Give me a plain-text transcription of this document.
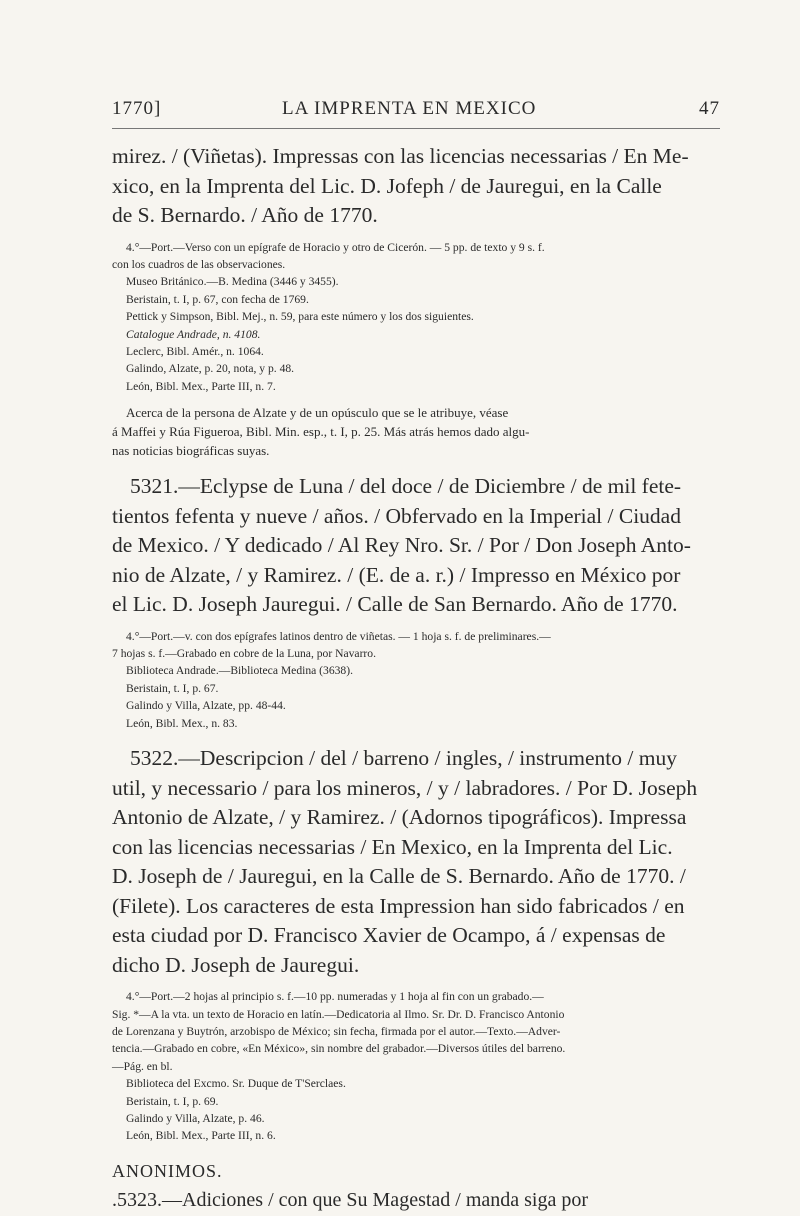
1770]	LA IMPRENTA EN MEXICO	47
mirez. / (Viñetas). Impressas con las licencias necessarias / En Me-
xico, en la Imprenta del Lic. D. Jofeph / de Jauregui, en la Calle
de S. Bernardo. / Año de 1770.
4.°—Port.—Verso con un epígrafe de Horacio y otro de Cicerón. — 5 pp. de texto y 9 s. f.
con los cuadros de las observaciones.
Museo Británico.—B. Medina (3446 y 3455).
Beristain, t. I, p. 67, con fecha de 1769.
Pettick y Simpson, Bibl. Mej., n. 59, para este número y los dos siguientes.
Catalogue Andrade, n. 4108.
Leclerc, Bibl. Amér., n. 1064.
Galindo, Alzate, p. 20, nota, y p. 48.
León, Bibl. Mex., Parte III, n. 7.
Acerca de la persona de Alzate y de un opúsculo que se le atribuye, véase
á Maffei y Rúa Figueroa, Bibl. Min. esp., t. I, p. 25. Más atrás hemos dado algu-
nas noticias biográficas suyas.
5321.—Eclypse de Luna / del doce / de Diciembre / de mil fete-
tientos fefenta y nueve / años. / Obfervado en la Imperial / Ciudad
de Mexico. / Y dedicado / Al Rey Nro. Sr. / Por / Don Joseph Anto-
nio de Alzate, / y Ramirez. / (E. de a. r.) / Impresso en México por
el Lic. D. Joseph Jauregui. / Calle de San Bernardo. Año de 1770.
4.°—Port.—v. con dos epígrafes latinos dentro de viñetas. — 1 hoja s. f. de preliminares.—
7 hojas s. f.—Grabado en cobre de la Luna, por Navarro.
Biblioteca Andrade.—Biblioteca Medina (3638).
Beristain, t. I, p. 67.
Galindo y Villa, Alzate, pp. 48-44.
León, Bibl. Mex., n. 83.
5322.—Descripcion / del / barreno / ingles, / instrumento / muy
util, y necessario / para los mineros, / y / labradores. / Por D. Joseph
Antonio de Alzate, / y Ramirez. / (Adornos tipográficos). Impressa
con las licencias necessarias / En Mexico, en la Imprenta del Lic.
D. Joseph de / Jauregui, en la Calle de S. Bernardo. Año de 1770. /
(Filete). Los caracteres de esta Impression han sido fabricados / en
esta ciudad por D. Francisco Xavier de Ocampo, á / expensas de
dicho D. Joseph de Jauregui.
4.°—Port.—2 hojas al principio s. f.—10 pp. numeradas y 1 hoja al fin con un grabado.—
Sig. *—A la vta. un texto de Horacio en latín.—Dedicatoria al Ilmo. Sr. Dr. D. Francisco Antonio
de Lorenzana y Buytrón, arzobispo de México; sin fecha, firmada por el autor.—Texto.—Adver-
tencia.—Grabado en cobre, «En México», sin nombre del grabador.—Diversos útiles del barreno.
—Pág. en bl.
Biblioteca del Excmo. Sr. Duque de T'Serclaes.
Beristain, t. I, p. 69.
Galindo y Villa, Alzate, p. 46.
León, Bibl. Mex., Parte III, n. 6.
ANONIMOS.
.5323.—Adiciones / con que Su Magestad / manda siga por
